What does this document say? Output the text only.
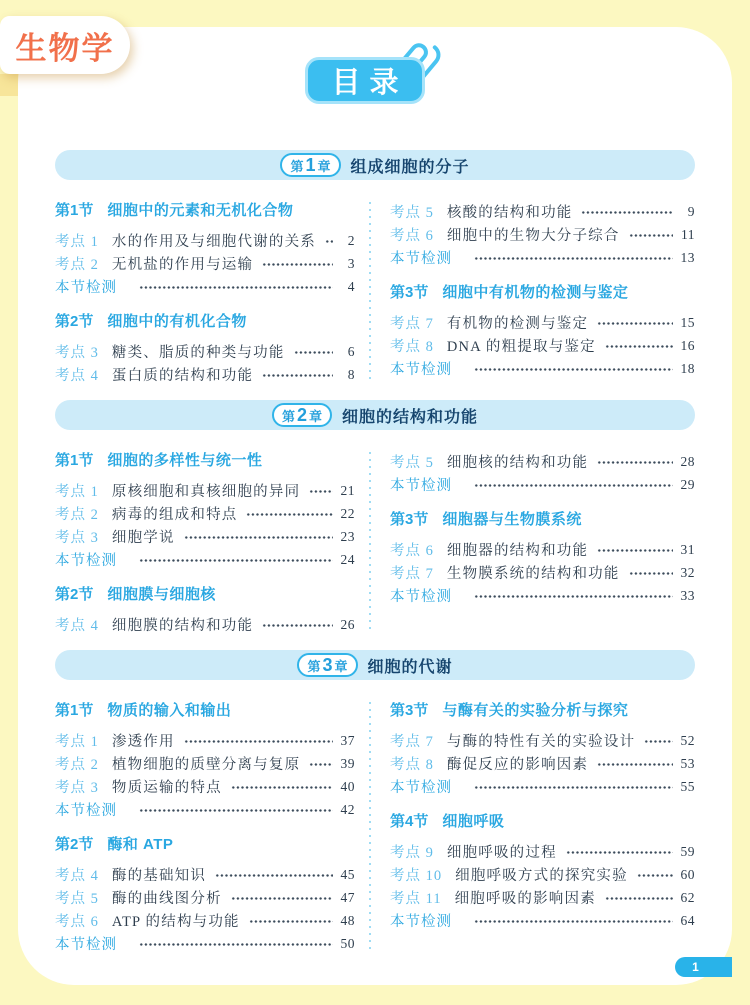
生物学
目录
第 1 章 组成细胞的分子
第1节 细胞中的元素和无机化合物
考点 1 水的作用及与细胞代谢的关系	2
考点 2 无机盐的作用与运输	3
本节检测	4
第2节 细胞中的有机化合物
考点 3 糖类、脂质的种类与功能	6
考点 4 蛋白质的结构和功能	8
考点 5 核酸的结构和功能	9
考点 6 细胞中的生物大分子综合	11
本节检测	13
第3节 细胞中有机物的检测与鉴定
考点 7 有机物的检测与鉴定	15
考点 8 DNA 的粗提取与鉴定	16
本节检测	18
第 2 章 细胞的结构和功能
第1节 细胞的多样性与统一性
考点 1 原核细胞和真核细胞的异同	21
考点 2 病毒的组成和特点	22
考点 3 细胞学说	23
本节检测	24
第2节 细胞膜与细胞核
考点 4 细胞膜的结构和功能	26
考点 5 细胞核的结构和功能	28
本节检测	29
第3节 细胞器与生物膜系统
考点 6 细胞器的结构和功能	31
考点 7 生物膜系统的结构和功能	32
本节检测	33
第 3 章 细胞的代谢
第1节 物质的输入和输出
考点 1 渗透作用	37
考点 2 植物细胞的质壁分离与复原	39
考点 3 物质运输的特点	40
本节检测	42
第2节 酶和 ATP
考点 4 酶的基础知识	45
考点 5 酶的曲线图分析	47
考点 6 ATP 的结构与功能	48
本节检测	50
第3节 与酶有关的实验分析与探究
考点 7 与酶的特性有关的实验设计	52
考点 8 酶促反应的影响因素	53
本节检测	55
第4节 细胞呼吸
考点 9 细胞呼吸的过程	59
考点 10 细胞呼吸方式的探究实验	60
考点 11 细胞呼吸的影响因素	62
本节检测	64
1
